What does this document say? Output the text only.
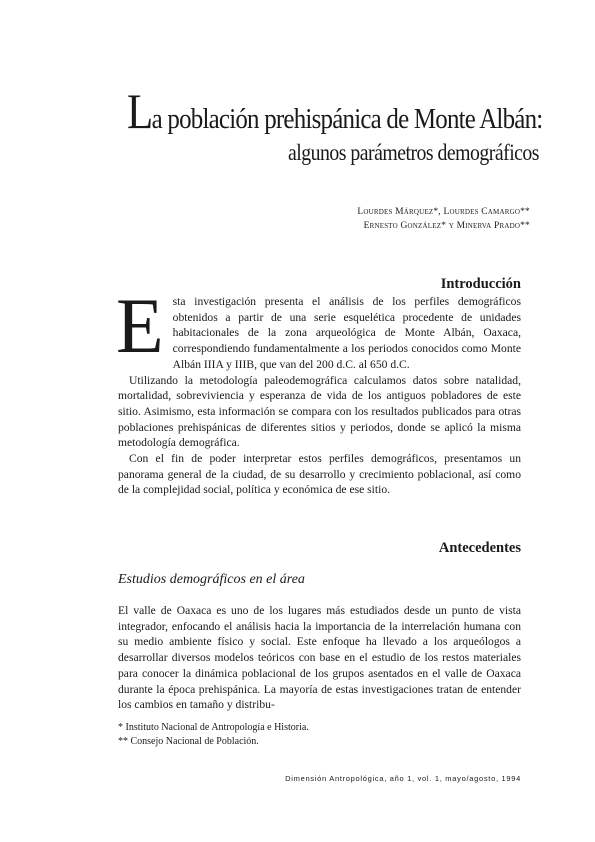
La población prehispánica de Monte Albán:
algunos parámetros demográficos
Lourdes Márquez*, Lourdes Camargo**
Ernesto González* y Minerva Prado**
Introducción

Esta investigación presenta el análisis de los perfiles demográficos obtenidos a partir de una serie esquelética procedente de unidades habitacionales de la zona arqueológica de Monte Albán, Oaxaca, correspondiendo fundamentalmente a los periodos conocidos como Monte Albán IIIA y IIIB, que van del 200 d.C. al 650 d.C.

Utilizando la metodología paleodemográfica calculamos datos sobre natalidad, mortalidad, sobreviviencia y esperanza de vida de los antiguos pobladores de este sitio. Asimismo, esta información se compara con los resultados publicados para otras poblaciones prehispánicas de diferentes sitios y periodos, donde se aplicó la misma metodología demográfica.

Con el fin de poder interpretar estos perfiles demográficos, presentamos un panorama general de la ciudad, de su desarrollo y crecimiento poblacional, así como de la complejidad social, política y económica de ese sitio.

Antecedentes
Estudios demográficos en el área

El valle de Oaxaca es uno de los lugares más estudiados desde un punto de vista integrador, enfocando el análisis hacia la importancia de la interrelación humana con su medio ambiente físico y social. Este enfoque ha llevado a los arqueólogos a desarrollar diversos modelos teóricos con base en el estudio de los restos materiales para conocer la dinámica poblacional de los grupos asentados en el valle de Oaxaca durante la época prehispánica. La mayoría de estas investigaciones tratan de entender los cambios en tamaño y distribu-

* Instituto Nacional de Antropología e Historia.
** Consejo Nacional de Población.
Dimensión Antropológica, año 1, vol. 1, mayo/agosto, 1994
